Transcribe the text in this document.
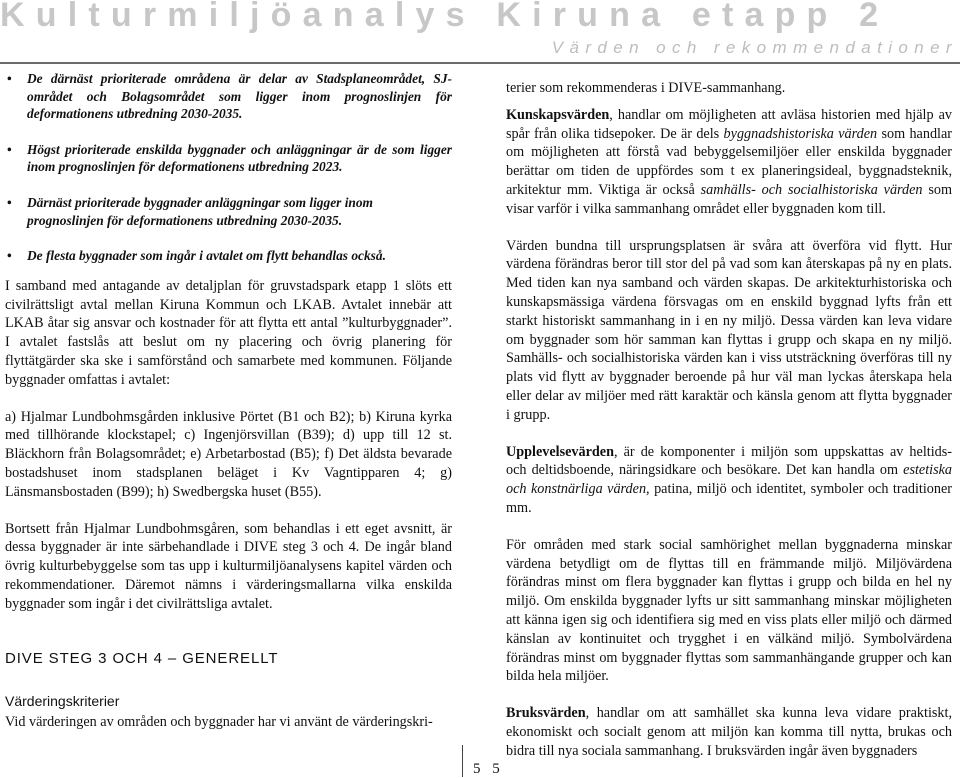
Kulturmiljöanalys Kiruna etapp 2
Värden och rekommendationer
• De därnäst prioriterade områdena är delar av Stadsplaneområdet, SJ-området och Bolagsområdet som ligger inom prognoslinjen för deformationens utbredning 2030-2035.
• Högst prioriterade enskilda byggnader och anläggningar är de som ligger inom prognoslinjen för deformationens utbredning 2023.
• Därnäst prioriterade byggnader anläggningar som ligger inom prognoslinjen för deformationens utbredning 2030-2035.
• De flesta byggnader som ingår i avtalet om flytt behandlas också.

I samband med antagande av detaljplan för gruvstadspark etapp 1 slöts ett civilrättsligt avtal mellan Kiruna Kommun och LKAB. Avtalet innebär att LKAB åtar sig ansvar och kostnader för att flytta ett antal ”kulturbyggnader”. I avtalet fastslås att beslut om ny placering och övrig planering för flyttätgärder ska ske i samförstånd och samarbete med kommunen. Följande byggnader omfattas i avtalet:

a) Hjalmar Lundbohmsgården inklusive Pörtet (B1 och B2); b) Kiruna kyrka med tillhörande klockstapel; c) Ingenjörsvillan (B39); d) upp till 12 st. Bläckhorn från Bolagsområdet; e) Arbetarbostad (B5); f) Det äldsta bevarade bostadshuset inom stadsplanen beläget i Kv Vagntipparen 4; g) Länsmansbostaden (B99); h) Swedbergska huset (B55).

Bortsett från Hjalmar Lundbohmsgåren, som behandlas i ett eget avsnitt, är dessa byggnader är inte särbehandlade i DIVE steg 3 och 4. De ingår bland övrig kulturbebyggelse som tas upp i kulturmiljöanalysens kapitel värden och rekommendationer. Däremot nämns i värderingsmallarna vilka enskilda byggnader som ingår i det civilrättsliga avtalet.

DIVE STEG 3 OCH 4 – GENERELLT
Värderingskriterier

Vid värderingen av områden och byggnader har vi använt de värderingskri-

terier som rekommenderas i DIVE-sammanhang.

Kunskapsvärden, handlar om möjligheten att avläsa historien med hjälp av spår från olika tidsepoker. De är dels byggnadshistoriska värden som handlar om möjligheten att förstå vad bebyggelsemiljöer eller enskilda byggnader berättar om tiden de uppfördes som t ex planeringsideal, byggnadsteknik, arkitektur mm. Viktiga är också samhälls- och socialhistoriska värden som visar varför i vilka sammanhang området eller byggnaden kom till.

Värden bundna till ursprungsplatsen är svåra att överföra vid flytt. Hur värdena förändras beror till stor del på vad som kan återskapas på ny en plats. Med tiden kan nya samband och värden skapas. De arkitekturhistoriska och kunskapsmässiga värdena försvagas om en enskild byggnad lyfts från ett starkt historiskt sammanhang in i en ny miljö. Dessa värden kan leva vidare om byggnader som hör samman kan flyttas i grupp och skapa en ny miljö. Samhälls- och socialhistoriska värden kan i viss utsträckning överföras till ny plats vid flytt av byggnader beroende på hur väl man lyckas återskapa hela eller delar av miljöer med rätt karaktär och känsla genom att flytta byggnader i grupp.

Upplevelsevärden, är de komponenter i miljön som uppskattas av heltids- och deltidsboende, näringsidkare och besökare. Det kan handla om estetiska och konstnärliga värden, patina, miljö och identitet, symboler och traditioner mm.

För områden med stark social samhörighet mellan byggnaderna minskar värdena betydligt om de flyttas till en främmande miljö. Miljövärdena förändras minst om flera byggnader kan flyttas i grupp och bilda en hel ny miljö. Om enskilda byggnader lyfts ur sitt sammanhang minskar möjligheten att känna igen sig och identifiera sig med en viss plats eller miljö och därmed känslan av kontinuitet och trygghet i en välkänd miljö. Symbolvärdena förändras minst om byggnader flyttas som sammanhängande grupper och kan bilda hela miljöer.

Bruksvärden, handlar om att samhället ska kunna leva vidare praktiskt, ekonomiskt och socialt genom att miljön kan komma till nytta, brukas och bidra till nya sociala sammanhang. I bruksvärden ingår även byggnaders

5 5
